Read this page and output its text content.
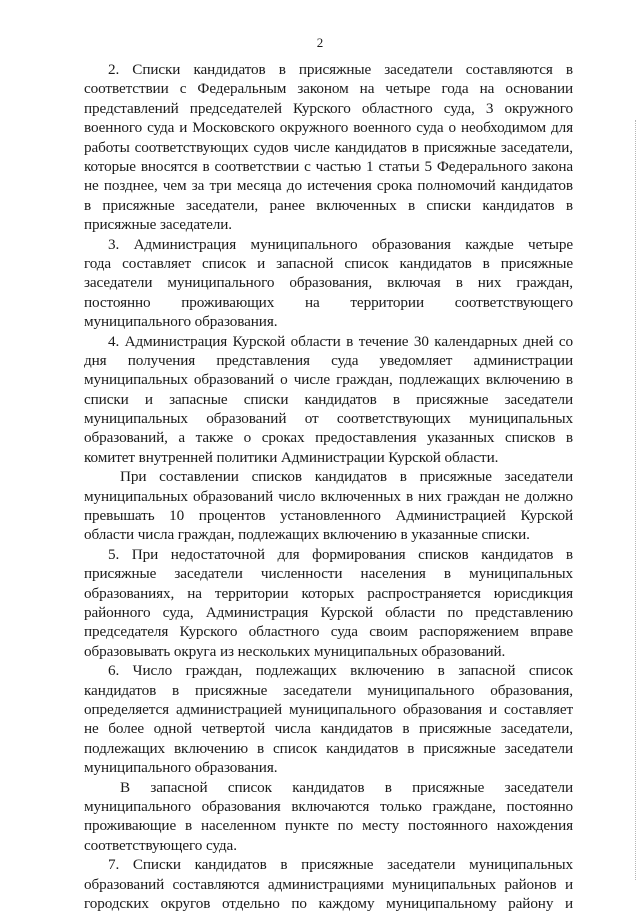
2
2. Списки кандидатов в присяжные заседатели составляются в
соответствии с Федеральным законом на четыре года на основании
представлений председателей Курского областного суда, 3 окружного
военного суда и Московского окружного военного суда о необходимом для
работы соответствующих судов числе кандидатов в присяжные заседатели,
которые вносятся в соответствии с частью 1 статьи 5 Федерального закона
не позднее, чем за три месяца до истечения срока полномочий кандидатов
в присяжные заседатели, ранее включенных в списки кандидатов в
присяжные заседатели.
3. Администрация муниципального образования каждые четыре
года составляет список и запасной список кандидатов в присяжные
заседатели муниципального образования, включая в них граждан,
постоянно проживающих на территории соответствующего
муниципального образования.
4. Администрация Курской области в течение 30 календарных дней со
дня получения представления суда уведомляет администрации
муниципальных образований о числе граждан, подлежащих включению в
списки и запасные списки кандидатов в присяжные заседатели
муниципальных образований от соответствующих муниципальных
образований, а также о сроках предоставления указанных списков в
комитет внутренней политики Администрации Курской области.
При составлении списков кандидатов в присяжные заседатели
муниципальных образований число включенных в них граждан не должно
превышать 10 процентов установленного Администрацией Курской
области числа граждан, подлежащих включению в указанные списки.
5. При недостаточной для формирования списков кандидатов в
присяжные заседатели численности населения в муниципальных
образованиях, на территории которых распространяется юрисдикция
районного суда, Администрация Курской области по представлению
председателя Курского областного суда своим распоряжением вправе
образовывать округа из нескольких муниципальных образований.
6. Число граждан, подлежащих включению в запасной список
кандидатов в присяжные заседатели муниципального образования,
определяется администрацией муниципального образования и составляет
не более одной четвертой числа кандидатов в присяжные заседатели,
подлежащих включению в список кандидатов в присяжные заседатели
муниципального образования.
В запасной список кандидатов в присяжные заседатели
муниципального образования включаются только граждане, постоянно
проживающие в населенном пункте по месту постоянного нахождения
соответствующего суда.
7. Списки кандидатов в присяжные заседатели муниципальных
образований составляются администрациями муниципальных районов и
городских округов отдельно по каждому муниципальному району и
